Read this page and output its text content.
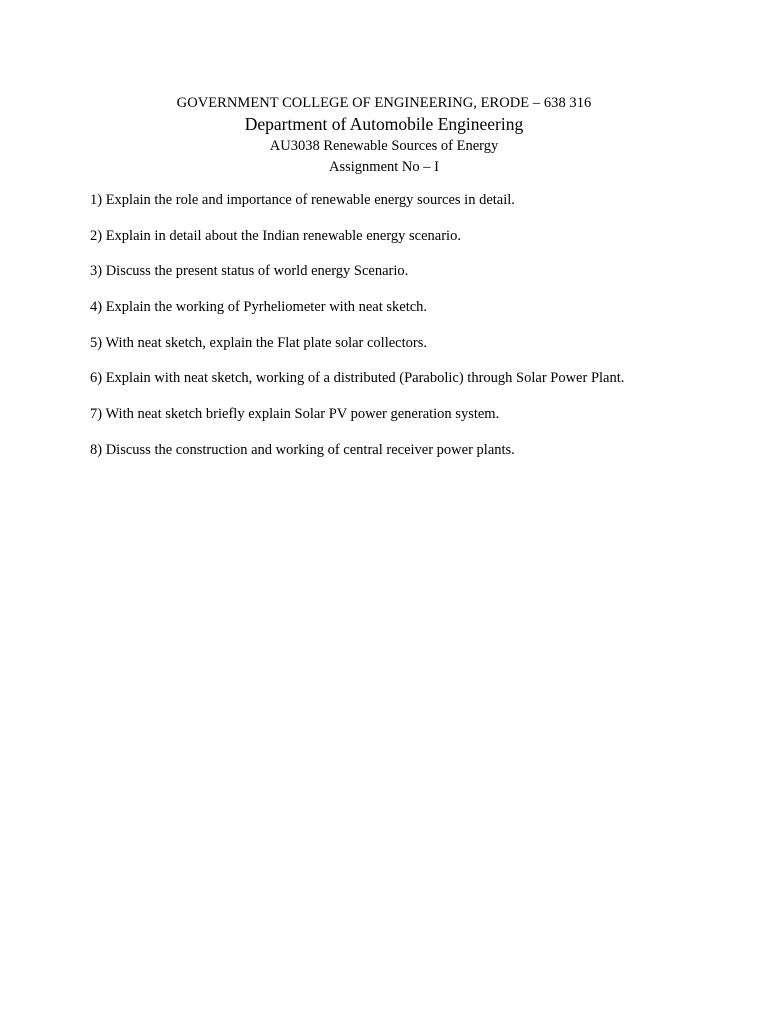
GOVERNMENT COLLEGE OF ENGINEERING, ERODE – 638 316
Department of Automobile Engineering
AU3038 Renewable Sources of Energy
Assignment No – I
1) Explain the role and importance of renewable energy sources in detail.
2) Explain in detail about the Indian renewable energy scenario.
3) Discuss the present status of world energy Scenario.
4) Explain the working of Pyrheliometer with neat sketch.
5) With neat sketch, explain the Flat plate solar collectors.
6) Explain with neat sketch, working of a distributed (Parabolic) through Solar Power Plant.
7) With neat sketch briefly explain Solar PV power generation system.
8) Discuss the construction and working of central receiver power plants.
